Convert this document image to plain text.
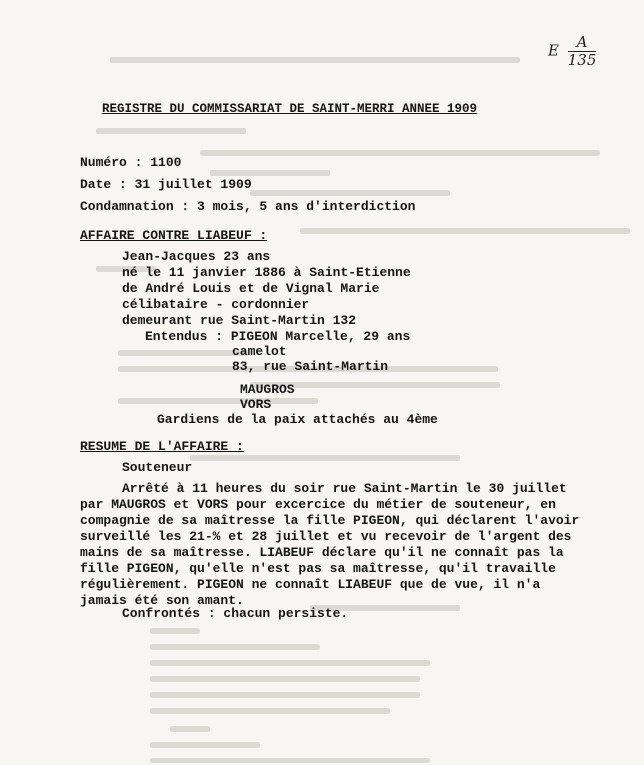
E $\frac{A}{135}$
REGISTRE DU COMMISSARIAT DE SAINT-MERRI ANNEE 1909
Numéro : 1100
Date : 31 juillet 1909
Condamnation : 3 mois, 5 ans d'interdiction
AFFAIRE CONTRE LIABEUF :
Jean-Jacques 23 ans
né le 11 janvier 1886 à Saint-Etienne
de André Louis et de Vignal Marie
célibataire - cordonnier
demeurant rue Saint-Martin 132
Entendus : PIGEON Marcelle, 29 ans
camelot
83, rue Saint-Martin
MAUGROS
VORS
Gardiens de la paix attachés au 4ème
RESUME DE L'AFFAIRE :
Souteneur
Arrêté à 11 heures du soir rue Saint-Martin le 30 juillet
par MAUGROS et VORS pour excercice du métier de souteneur, en
compagnie de sa maîtresse la fille PIGEON, qui déclarent l'avoir
surveillé les 21-% et 28 juillet et vu recevoir de l'argent des
mains de sa maîtresse. LIABEUF déclare qu'il ne connaît pas la
fille PIGEON, qu'elle n'est pas sa maîtresse, qu'il travaille
régulièrement. PIGEON ne connaît LIABEUF que de vue, il n'a
jamais été son amant.
Confrontés : chacun persiste.
